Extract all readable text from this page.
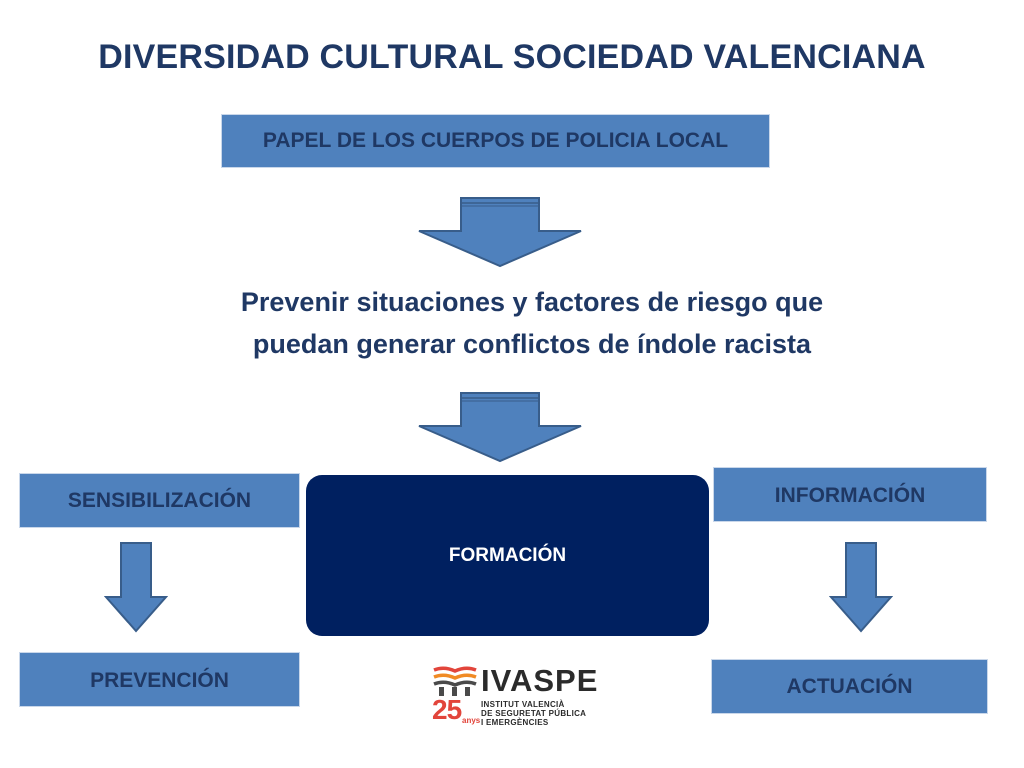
DIVERSIDAD CULTURAL SOCIEDAD VALENCIANA
PAPEL DE LOS CUERPOS DE POLICIA LOCAL
Prevenir situaciones y factores de riesgo que
puedan generar conflictos de índole racista
SENSIBILIZACIÓN
FORMACIÓN
INFORMACIÓN
PREVENCIÓN	ACTUACIÓN
25 anys
IVASPE
INSTITUT VALENCIÀ
DE SEGURETAT PÚBLICA
I EMERGÈNCIES
